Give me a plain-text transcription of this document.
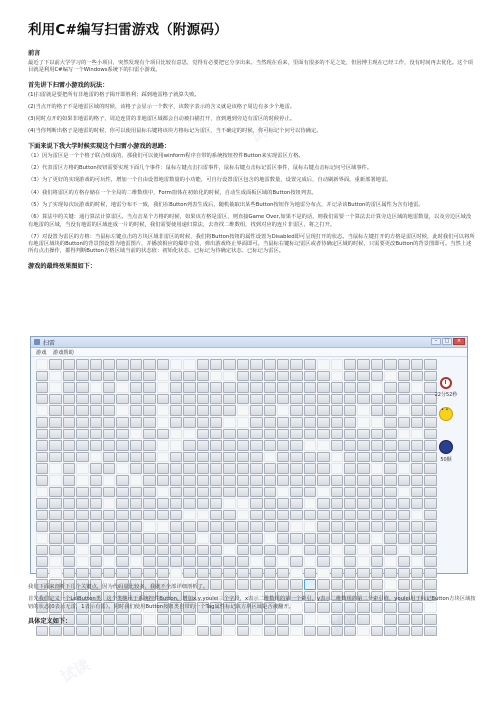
利用C#编写扫雷游戏（附源码）
前言
最近了下以前大学学习的一些小项目，突然发现有个项目比较有意思，觉得有必要把它分享出来。当然现在看来，里面有很多的不足之处，但因博主现在已经工作，没有时间再去优化。这个项目就是利用C#编写一个Windows系统下的扫雷小游戏。
首先讲下扫雷小游戏的玩法：
(1)扫雷就是要把所有非地雷的格子揭开即胜利；踩到地雷格子就算失败。
(2)当点开的格子不是地雷区域的时候，该格子会显示一个数字，该数字表示的含义就是该格子周边有多少个地雷。
(3)同时点开的如果非地雷的格子，周边连贯的非地雷区域都会自动被扫描打开，直到遇到旁边有雷区的时候停止。
(4)当你判断出格子是地雷的时候，你可以使用鼠标右键将该块方格标记为雷区，当不确定的时候，你可标记个问号以待确定。
下面来说下我大学时候实现这个扫雷小游戏的思路：
（1）因为雷区是一个个格子联合组成的，那我们可以使用winform程序自带的系统按钮控件Button来实现雷区方格。
（2）代表雷区方格的Button按钮需要实现下面几个事件：鼠标左键点击扫雷事件，鼠标右键点击标记雷区事件，鼠标右键点击标记问号区域事件。
（3）为了更好的实现游戏的可玩性，增加一个自由设置地雷数量的小功能，可自行设置雷区包含的地雷数量，设置完成后，自动刷新界面，重新部署地雷。
（4）我们将雷区的方格存储在一个全局的二维数组中，Form窗体在初始化的时候，自动生成面板区域的Button按钮列表。
（5）为了实现每次玩游戏的时候，地雷分布不一致，我们在Button列表生成后，随机抽取出某些Button按钮作为地雷分布点，并记录该Button的雷区属性为含有地雷。
（6）算法中的关键：通行算法计算雷区。当点击某个方格的时候，如果该方格是雷区，则直接Game Over,如果不是的话，则我们需要一个算法去计算旁边区域的地雷数量，以及旁边区域没有地雷的区域，当没有地雷的区域连成一片的时候，我们需要使用递归算法，去查找二维数组，找到对应的连片非雷区，将之打开。
（7）对设置为雷区的方格：当鼠标左键点击的方块区域非雷区的时候，我们将Button按钮的属性设置为Disabled即可呈现打开的状态。当鼠标左键打开的方格是雷区时候，此时我们可以将所有地雷区域块的Button的背景图设置为地雷图片，并播放相应的爆炸音效，弹出游戏终止界面即可。当鼠标右键标记雷区或者待确定区域的时候，只需要更改Button的背景图即可。当然上述所有点击操作，都得判断Button方格区域当前的状态值：初始化状态、已标记为待确定状态、已标记为雷区。
游戏的最终效果图如下：
扫雷	–	□	×
游戏 游戏帮助
22分52秒
• •
50颗
我们下面来剖析下几个关键点，因为代码量比较多，我就不全部详细剖析了。
首先我们定义一个LeiButton类，这个类继承于系统控件Button，增加x,y,youlei三个字段，x表示二维数组的第一个索引，y表示二维数组的第二个索引值，youlei用于标记Button方块区域按钮的状态(0表示无雷，1表示有雷）。同时我们使用Button按钮类自带的一个Tag属性标记该方块区域是否被翻开。
具体定义如下：
试读
试读
